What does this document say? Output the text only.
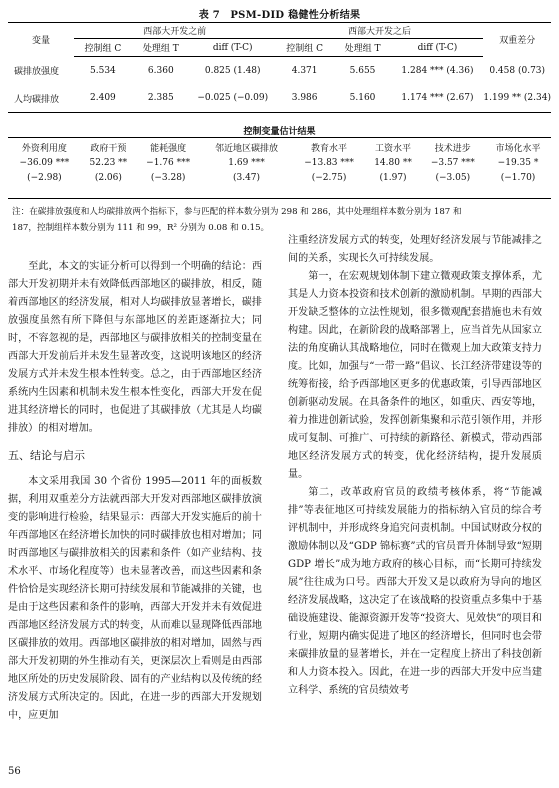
表 7　PSM-DID 稳健性分析结果
变量	西部大开发之前			西部大开发之后			双重差分
	控制组 C	处理组 T	diff (T-C)	控制组 C	处理组 T	diff (T-C)	
碳排放强度	5.534	6.360	0.825 (1.48)	4.371	5.655	1.284 *** (4.36)	0.458 (0.73)
人均碳排放	2.409	2.385	−0.025 (−0.09)	3.986	5.160	1.174 *** (2.67)	1.199 ** (2.34)
控制变量估计结果
外资利用度	政府干预	能耗强度	邻近地区碳排放	教育水平	工资水平	技术进步	市场化水平
−36.09 ***	52.23 **	−1.76 ***	1.69 ***	−13.83 ***	14.80 **	−3.57 ***	−19.35 *
(−2.98)	(2.06)	(−3.28)	(3.47)	(−2.75)	(1.97)	(−3.05)	(−1.70)
注：在碳排放强度和人均碳排放两个指标下，参与匹配的样本数分别为 298 和 286，其中处理组样本数分别为 187 和
187，控制组样本数分别为 111 和 99，R² 分别为 0.08 和 0.15。

至此，本文的实证分析可以得到一个明确的结论：西部大开发初期并未有效降低西部地区的碳排放，相反，随着西部地区的经济发展，相对人均碳排放显著增长，碳排放强度虽然有所下降但与东部地区的差距逐渐拉大；同时，不容忽视的是，西部地区与碳排放相关的控制变量在西部大开发前后并未发生显著改变，这说明该地区的经济发展方式并未发生根本性转变。总之，由于西部地区经济系统内生因素和机制未发生根本性变化，西部大开发在促进其经济增长的同时，也促进了其碳排放（尤其是人均碳排放）的相对增加。

五、结论与启示

本文采用我国 30 个省份 1995—2011 年的面板数据，利用双重差分方法就西部大开发对西部地区碳排放演变的影响进行检验，结果显示：西部大开发实施后的前十年西部地区在经济增长加快的同时碳排放也相对增加；同时西部地区与碳排放相关的因素和条件（如产业结构、技术水平、市场化程度等）也未显著改善，而这些因素和条件恰恰是实现经济长期可持续发展和节能减排的关键，也是由于这些因素和条件的影响，西部大开发并未有效促进西部地区经济发展方式的转变，从而难以显现降低西部地区碳排放的效用。西部地区碳排放的相对增加，固然与西部大开发初期的外生推动有关，更深层次上看则是由西部地区所处的历史发展阶段、固有的产业结构以及传统的经济发展方式所决定的。因此，在进一步的西部大开发规划中，应更加

注重经济发展方式的转变，处理好经济发展与节能减排之间的关系，实现长久可持续发展。

第一，在宏观规划体制下建立微观政策支撑体系，尤其是人力资本投资和技术创新的激励机制。早期的西部大开发缺乏整体的立法性规划，很多微观配套措施也未有效构建。因此，在新阶段的战略部署上，应当首先从国家立法的角度确认其战略地位，同时在微观上加大政策支持力度。比如，加强与“一带一路”倡议、长江经济带建设等的统筹衔接，给予西部地区更多的优惠政策，引导西部地区创新驱动发展。在具备条件的地区，如重庆、西安等地，着力推进创新试验，发挥创新集聚和示范引领作用，并形成可复制、可推广、可持续的新路径、新模式，带动西部地区经济发展方式的转变，优化经济结构，提升发展质量。

第二，改革政府官员的政绩考核体系，将“节能减排”等表征地区可持续发展能力的指标纳入官员的综合考评机制中，并形成终身追究问责机制。中国试财政分权的激励体制以及“GDP 锦标赛”式的官员晋升体制导致“短期 GDP 增长”成为地方政府的核心目标，而“长期可持续发展”往往成为口号。西部大开发又是以政府为导向的地区经济发展战略，这决定了在该战略的投资重点多集中于基础设施建设、能源资源开发等“投资大、见效快”的项目和行业，短期内确实促进了地区的经济增长，但同时也会带来碳排放量的显著增长，并在一定程度上挤出了科技创新和人力资本投入。因此，在进一步的西部大开发中应当建立科学、系统的官员绩效考

56
